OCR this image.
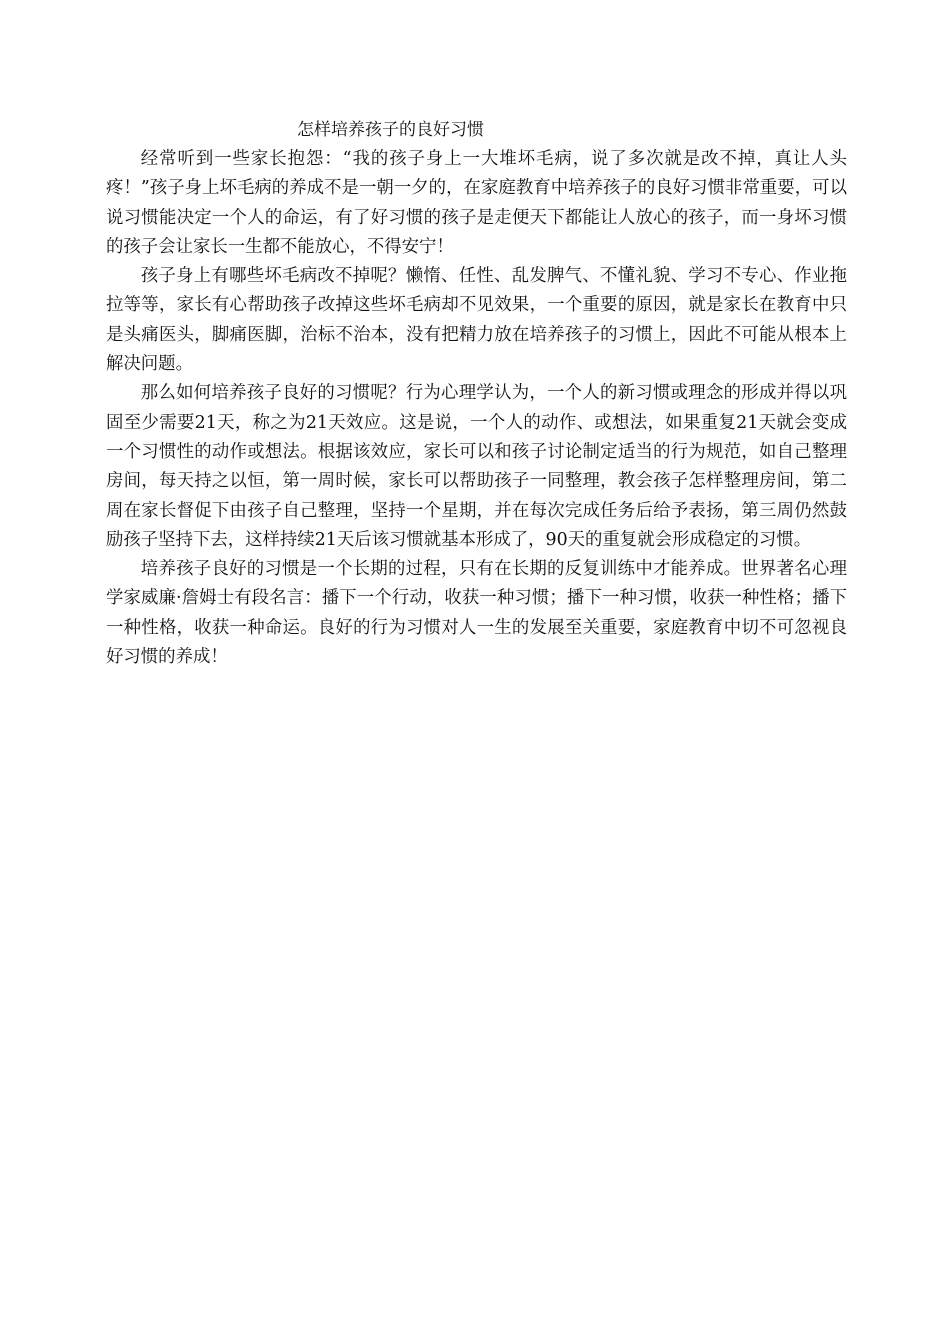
怎样培养孩子的良好习惯

经常听到一些家长抱怨：“我的孩子身上一大堆坏毛病，说了多次就是改不掉，真让人头疼！”孩子身上坏毛病的养成不是一朝一夕的，在家庭教育中培养孩子的良好习惯非常重要，可以说习惯能决定一个人的命运，有了好习惯的孩子是走便天下都能让人放心的孩子，而一身坏习惯的孩子会让家长一生都不能放心，不得安宁！

孩子身上有哪些坏毛病改不掉呢？懒惰、任性、乱发脾气、不懂礼貌、学习不专心、作业拖拉等等，家长有心帮助孩子改掉这些坏毛病却不见效果，一个重要的原因，就是家长在教育中只是头痛医头，脚痛医脚，治标不治本，没有把精力放在培养孩子的习惯上，因此不可能从根本上解决问题。

那么如何培养孩子良好的习惯呢？行为心理学认为，一个人的新习惯或理念的形成并得以巩固至少需要21天，称之为21天效应。这是说，一个人的动作、或想法，如果重复21天就会变成一个习惯性的动作或想法。根据该效应，家长可以和孩子讨论制定适当的行为规范，如自己整理房间，每天持之以恒，第一周时候，家长可以帮助孩子一同整理，教会孩子怎样整理房间，第二周在家长督促下由孩子自己整理，坚持一个星期，并在每次完成任务后给予表扬，第三周仍然鼓励孩子坚持下去，这样持续21天后该习惯就基本形成了，90天的重复就会形成稳定的习惯。

培养孩子良好的习惯是一个长期的过程，只有在长期的反复训练中才能养成。世界著名心理学家威廉·詹姆士有段名言：播下一个行动，收获一种习惯；播下一种习惯，收获一种性格；播下一种性格，收获一种命运。良好的行为习惯对人一生的发展至关重要，家庭教育中切不可忽视良好习惯的养成！
